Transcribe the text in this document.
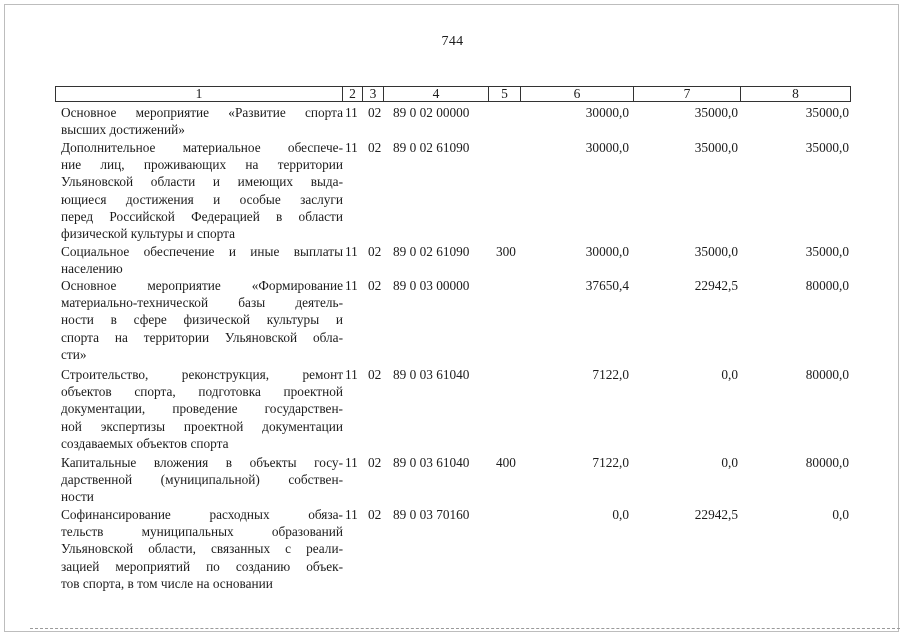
744
1	2	3	4	5	6	7	8
Основное мероприятие «Развитие спорта
высших достижений»
11 02 89 0 02 00000	30000,0	35000,0	35000,0
Дополнительное материальное обеспече-
ние лиц, проживающих на территории
Ульяновской области и имеющих выда-
ющиеся достижения и особые заслуги
перед Российской Федерацией в области
физической культуры и спорта
11 02 89 0 02 61090	30000,0	35000,0	35000,0
Социальное обеспечение и иные выплаты
населению
11 02 89 0 02 61090	300	30000,0	35000,0	35000,0
Основное мероприятие «Формирование
материально-технической базы деятель-
ности в сфере физической культуры и
спорта на территории Ульяновской обла-
сти»
11 02 89 0 03 00000	37650,4	22942,5	80000,0
Строительство, реконструкция, ремонт
объектов спорта, подготовка проектной
документации, проведение государствен-
ной экспертизы проектной документации
создаваемых объектов спорта
11 02 89 0 03 61040	7122,0	0,0	80000,0
Капитальные вложения в объекты госу-
дарственной (муниципальной) собствен-
ности
11 02 89 0 03 61040	400	7122,0	0,0	80000,0
Софинансирование расходных обяза-
тельств муниципальных образований
Ульяновской области, связанных с реали-
зацией мероприятий по созданию объек-
тов спорта, в том числе на основании
11 02 89 0 03 70160	0,0	22942,5	0,0
